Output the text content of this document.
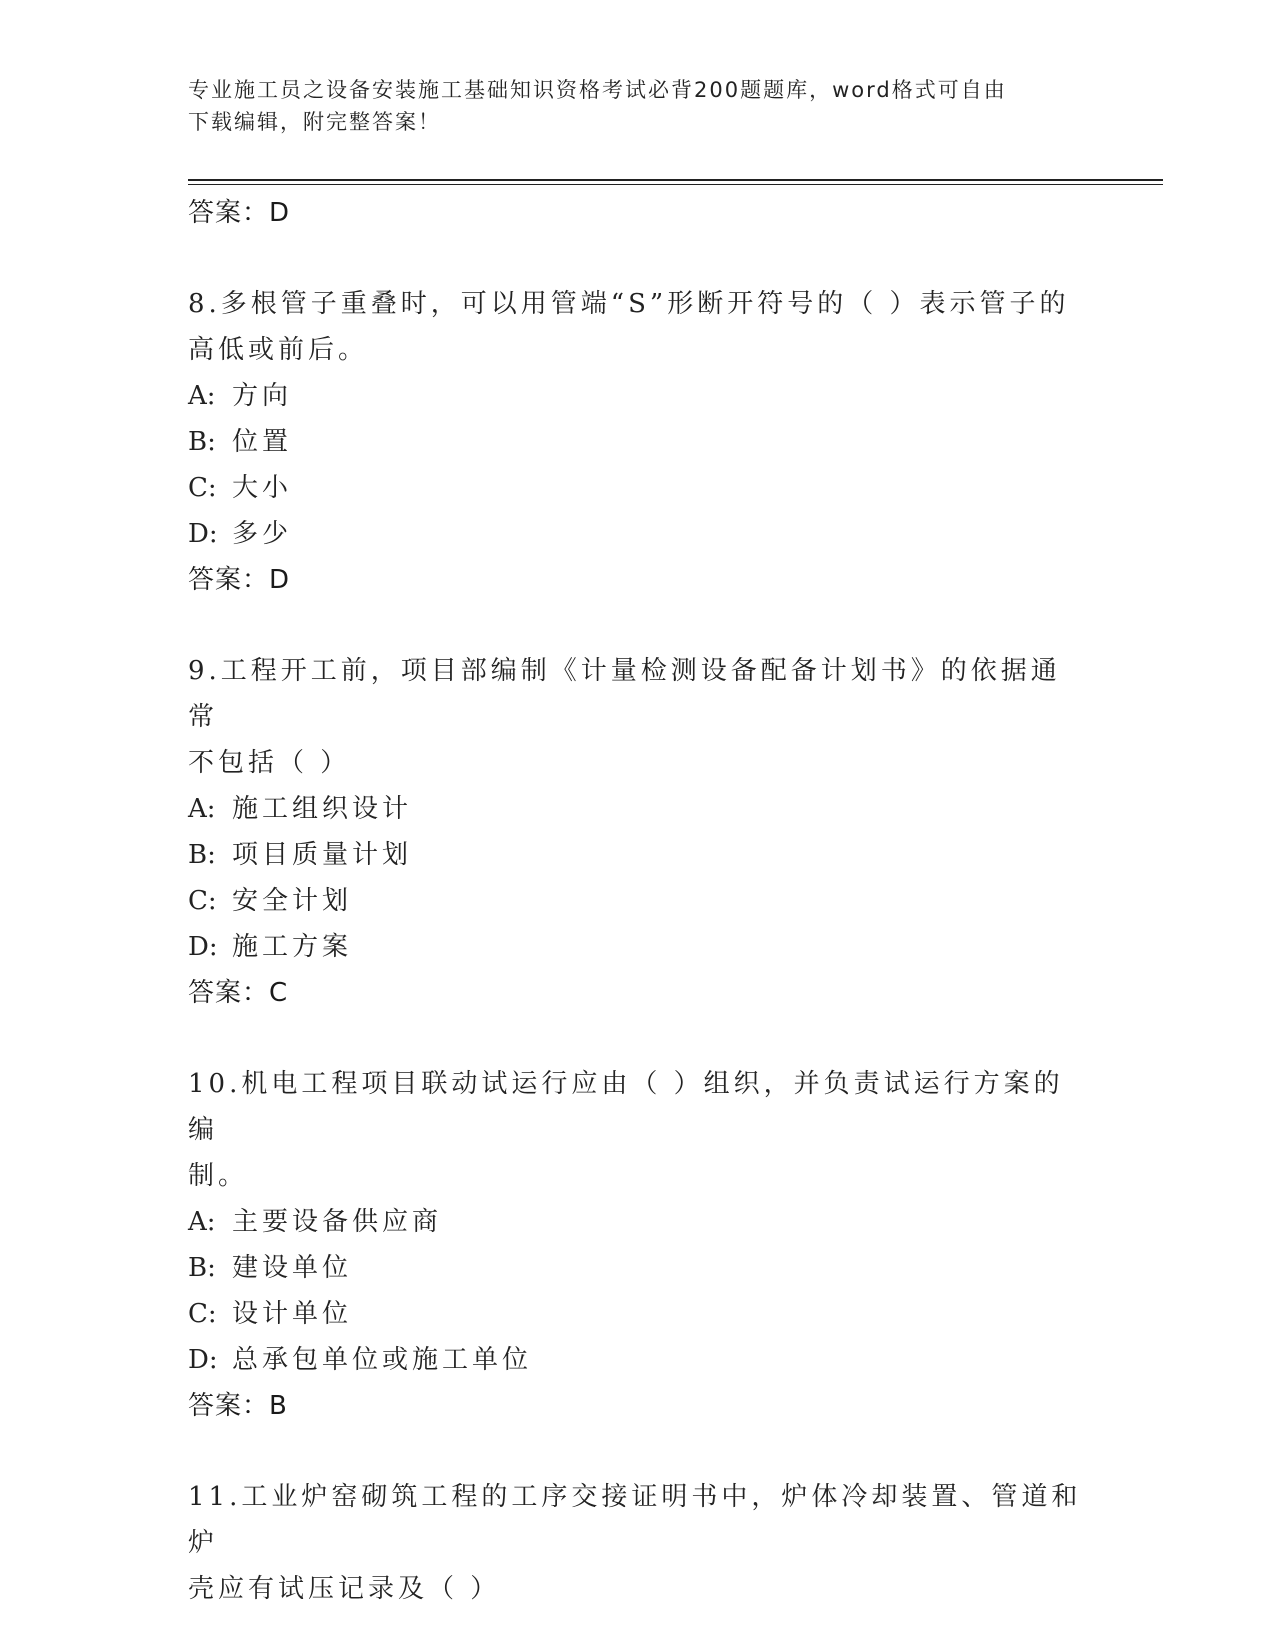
专业施工员之设备安装施工基础知识资格考试必背200题题库，word格式可自由
下载编辑，附完整答案！
答案：D
8.多根管子重叠时，可以用管端“S”形断开符号的（ ）表示管子的
高低或前后。
A: 方向
B: 位置
C: 大小
D: 多少
答案：D
9.工程开工前，项目部编制《计量检测设备配备计划书》的依据通常
不包括（ ）
A: 施工组织设计
B: 项目质量计划
C: 安全计划
D: 施工方案
答案：C
10.机电工程项目联动试运行应由（ ）组织，并负责试运行方案的编
制。
A: 主要设备供应商
B: 建设单位
C: 设计单位
D: 总承包单位或施工单位
答案：B
11.工业炉窑砌筑工程的工序交接证明书中，炉体冷却装置、管道和炉
壳应有试压记录及（ ）
